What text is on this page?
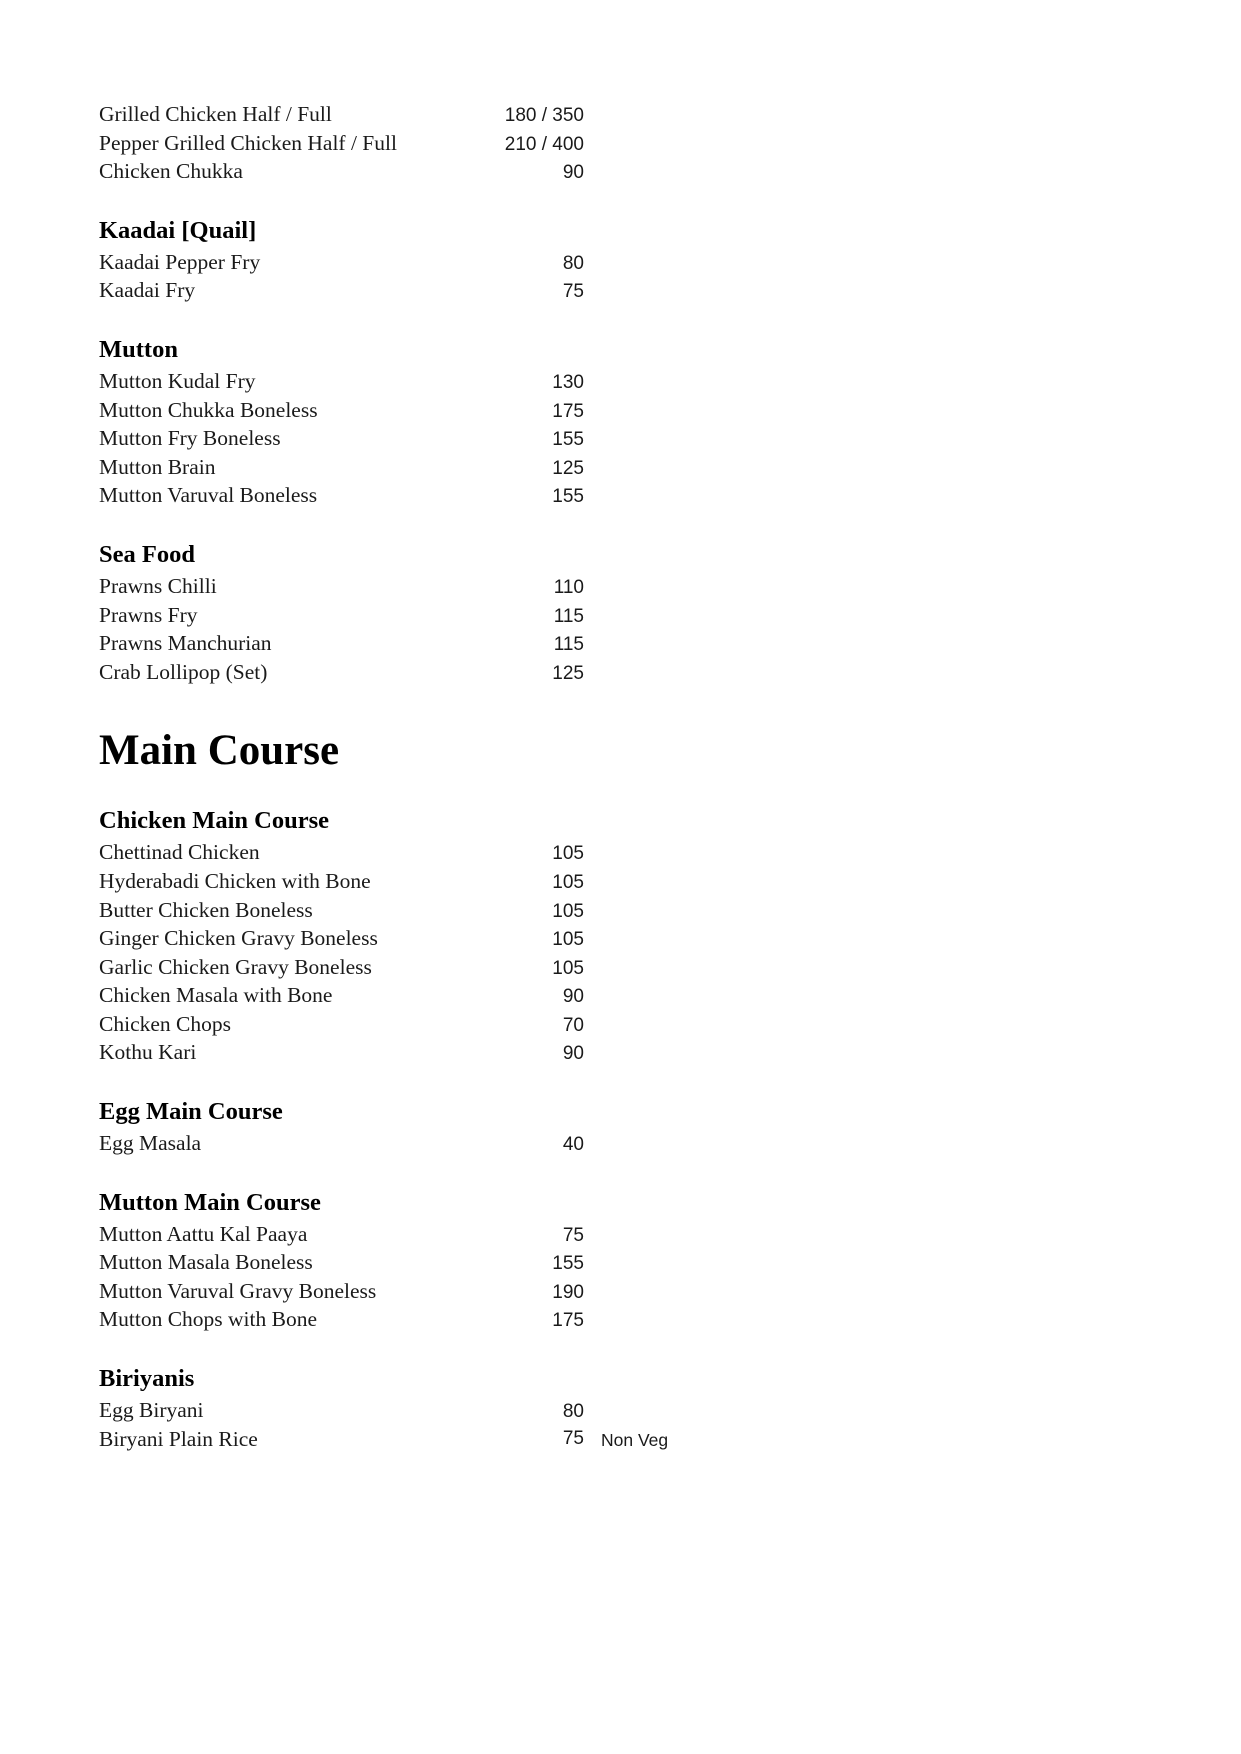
Grilled Chicken Half / Full	180 / 350
Pepper Grilled Chicken Half / Full	210 / 400
Chicken Chukka	90
Kaadai [Quail]
Kaadai Pepper Fry	80
Kaadai Fry	75
Mutton
Mutton Kudal Fry	130
Mutton Chukka Boneless	175
Mutton Fry Boneless	155
Mutton Brain	125
Mutton Varuval Boneless	155
Sea Food
Prawns Chilli	110
Prawns Fry	115
Prawns Manchurian	115
Crab Lollipop (Set)	125
Main Course
Chicken Main Course
Chettinad Chicken	105
Hyderabadi Chicken with Bone	105
Butter Chicken Boneless	105
Ginger Chicken Gravy Boneless	105
Garlic Chicken Gravy Boneless	105
Chicken Masala with Bone	90
Chicken Chops	70
Kothu Kari	90
Egg Main Course
Egg Masala	40
Mutton Main Course
Mutton Aattu Kal Paaya	75
Mutton Masala Boneless	155
Mutton Varuval Gravy Boneless	190
Mutton Chops with Bone	175
Biriyanis
Egg Biryani	80
Biryani Plain Rice	75 Non Veg
